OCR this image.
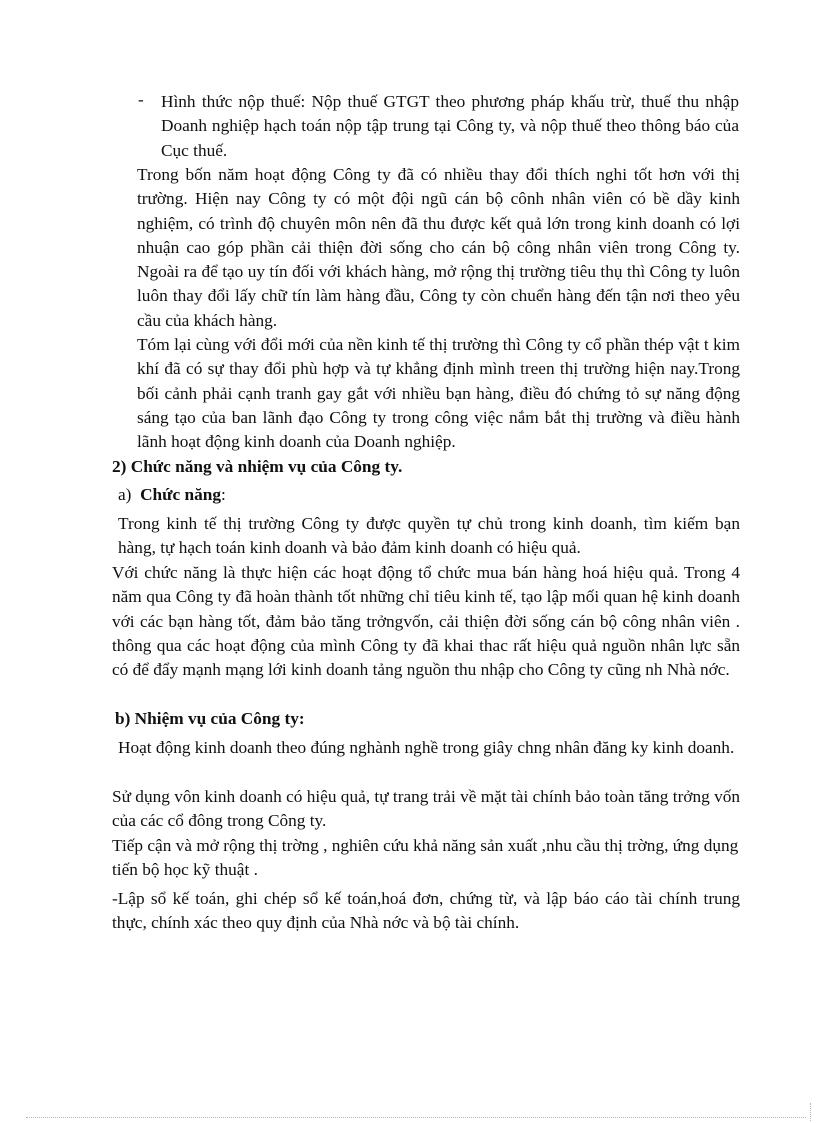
- Hình thức nộp thuế: Nộp thuế GTGT theo phương pháp khấu trừ, thuế thu nhập Doanh nghiệp hạch toán nộp tập trung tại Công ty, và nộp thuế theo thông báo của Cục thuế.

Trong bốn năm hoạt động Công ty đã có nhiều thay đổi thích nghi tốt hơn với thị trường. Hiện nay Công ty có một đội ngũ cán bộ cônh nhân viên có bề dầy kinh nghiệm, có trình độ chuyên môn nên đã thu được kết quả lớn trong kinh doanh có lợi nhuận cao góp phần cải thiện đời sống cho cán bộ công nhân viên trong Công ty. Ngoài ra để tạo uy tín đối với khách hàng, mở rộng thị trường tiêu thụ thì Công ty luôn luôn thay đổi lấy chữ tín làm hàng đầu, Công ty còn chuển hàng đến tận nơi theo yêu cầu của khách hàng.

Tóm lại cùng với đổi mới của nền kinh tế thị trường thì Công ty cổ phần thép vật t kim khí đã có sự thay đổi phù hợp và tự khẳng định mình treen thị trường hiện nay.Trong bối cảnh phải cạnh tranh gay gắt với nhiều bạn hàng, điều đó chứng tỏ sự năng động sáng tạo của ban lãnh đạo Công ty trong công việc nắm bắt thị trường và điều hành lãnh hoạt động kinh doanh của Doanh nghiệp.

2) Chức năng và nhiệm vụ của Công ty.
a) Chức năng:

Trong kinh tế thị trường Công ty được quyền tự chủ trong kinh doanh, tìm kiếm bạn hàng, tự hạch toán kinh doanh và bảo đảm kinh doanh có hiệu quả.

Với chức năng là thực hiện các hoạt động tổ chức mua bán hàng hoá hiệu quả. Trong 4 năm qua Công ty đã hoàn thành tốt những chỉ tiêu kinh tế, tạo lập mối quan hệ kinh doanh với các bạn hàng tốt, đảm bảo tăng trởngvốn, cải thiện đời sống cán bộ công nhân viên . thông qua các hoạt động của mình Công ty đã khai thac rất hiệu quả nguồn nhân lực sẵn có để đẩy mạnh mạng lới kinh doanh tảng nguồn thu nhập cho Công ty cũng nh Nhà nớc.

b) Nhiệm vụ của Công ty:

Hoạt động kinh doanh theo đúng nghành nghề trong giây chng nhân đăng ky kinh doanh.

Sử dụng vôn kinh doanh có hiệu quả, tự trang trải về mặt tài chính bảo toàn tăng trởng vốn của các cổ đông trong Công ty.

Tiếp cận và mở rộng thị trờng , nghiên cứu khả năng sản xuất ,nhu cầu thị trờng, ứng dụng tiến bộ học kỹ thuật .

-Lập sổ kế toán, ghi chép sổ kế toán,hoá đơn, chứng từ, và lập báo cáo tài chính trung thực, chính xác theo quy định của Nhà nớc và bộ tài chính.
